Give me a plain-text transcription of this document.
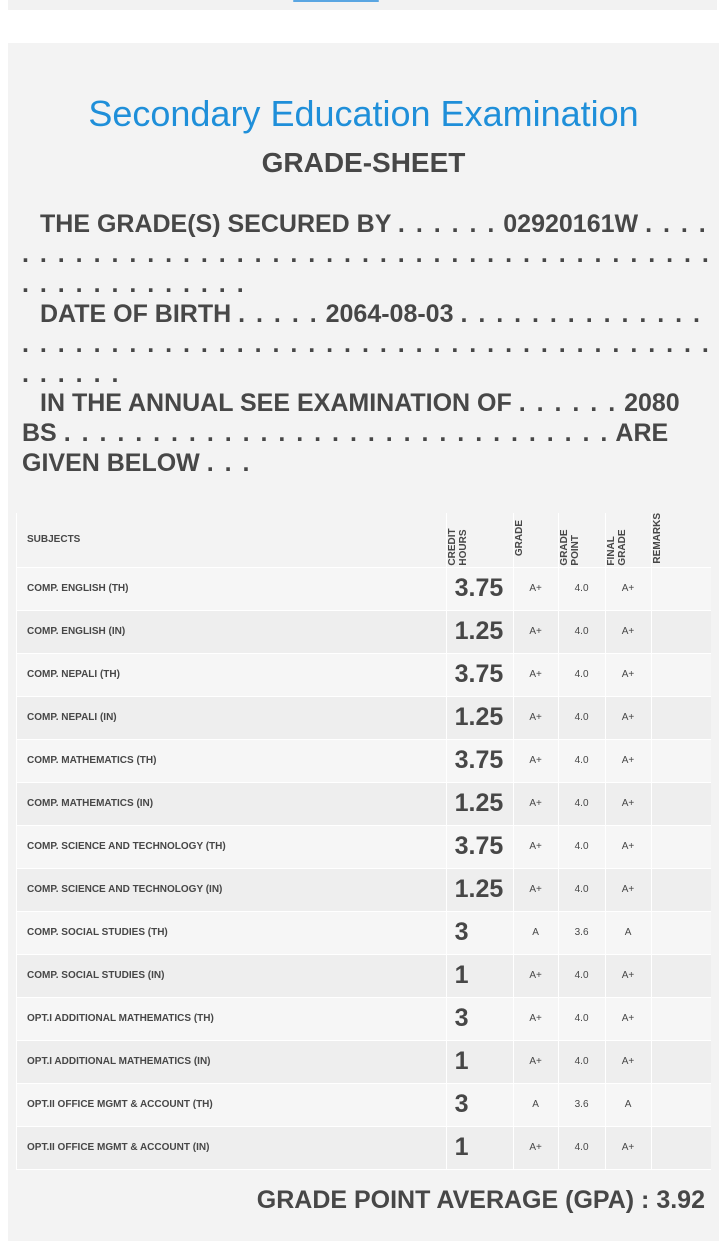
Secondary Education Examination
GRADE-SHEET
THE GRADE(S) SECURED BY . . . . . . 02920161W . . . . . . . . . . . . . . . . . . . . . . . . . . . . . . . . . . . . . . . . . . . . . . . . . . . . . . . .
DATE OF BIRTH . . . . . 2064-08-03 . . . . . . . . . . . . . . . . . . . . . . . . . . . . . . . . . . . . . . . . . . . . . . . . . . . . . . . . . . .
IN THE ANNUAL SEE EXAMINATION OF . . . . . . 2080 BS . . . . . . . . . . . . . . . . . . . . . . . . . . . . . . . ARE GIVEN BELOW . . .
SUBJECTS	CREDIT HOURS	GRADE	GRADE POINT	FINAL GRADE	REMARKS
COMP. ENGLISH (TH)	3.75	A+	4.0	A+	
COMP. ENGLISH (IN)	1.25	A+	4.0	A+	
COMP. NEPALI (TH)	3.75	A+	4.0	A+	
COMP. NEPALI (IN)	1.25	A+	4.0	A+	
COMP. MATHEMATICS (TH)	3.75	A+	4.0	A+	
COMP. MATHEMATICS (IN)	1.25	A+	4.0	A+	
COMP. SCIENCE AND TECHNOLOGY (TH)	3.75	A+	4.0	A+	
COMP. SCIENCE AND TECHNOLOGY (IN)	1.25	A+	4.0	A+	
COMP. SOCIAL STUDIES (TH)	3	A	3.6	A	
COMP. SOCIAL STUDIES (IN)	1	A+	4.0	A+	
OPT.I ADDITIONAL MATHEMATICS (TH)	3	A+	4.0	A+	
OPT.I ADDITIONAL MATHEMATICS (IN)	1	A+	4.0	A+	
OPT.II OFFICE MGMT & ACCOUNT (TH)	3	A	3.6	A	
OPT.II OFFICE MGMT & ACCOUNT (IN)	1	A+	4.0	A+	
GRADE POINT AVERAGE (GPA) : 3.92
